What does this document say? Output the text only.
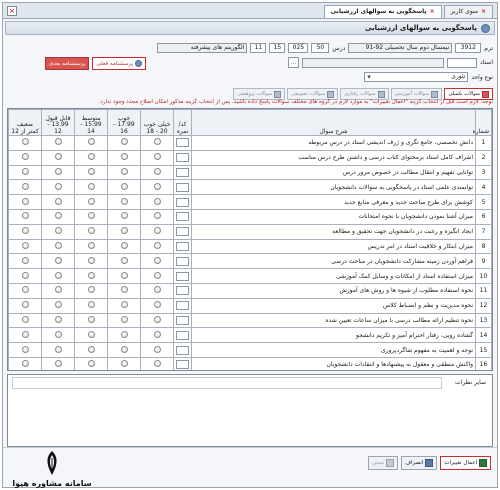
×
منوی کاربر
×
پاسخگویی به سوالهای ارزشیابی
×
پاسخگویی به سوالهای ارزشیابی
ترم
3912
نیمسال دوم سال تحصیلی 92-91
درس
50
025
15
11
الگوریتم های پیشرفته
استاد
…
نوع واحد
▾ تئوری
پرسشنامه فعلی
پرسشنامه بعدی
سوالات تکمیلی
سوالات آموزشی
سوالات رفتاری
سوالات تشویقی
سوالات پژوهشی
توجه: لازم است قبل از انتخاب گزینه "اعمال تغییرات" به موارد لازم در گروه های مختلف سوالات پاسخ داده باشید. پس از انتخاب گزینه مذکور امکان اصلاح مجدد وجود ندارد.
شماره	شرح سوال	کد/نمره	خیلی خوب 20 - 18	خوب 17.99 - 16	متوسط 15.99 - 14	قابل قبول 13.99 - 12	ضعیف کمتر از 12
1	دانش تخصصی، جامع نگری و ژرف اندیشی استاد در درس مربوطه	

2	اشراف کامل استاد برمحتوای کتاب درسی و داشتن طرح درس مناسب	

3	توانایی تفهیم و انتقال مطالب در خصوص مرور درس	

4	توانمندی علمی استاد در پاسخگویی به سوالات دانشجویان	

5	کوشش برای طرح مباحث جدید و معرفی منابع جدید	

6	میزان آشنا نمودن دانشجویان با نحوه امتحانات	

7	ایجاد انگیزه و رغبت در دانشجویان جهت تحقیق و مطالعه	

8	میزان ابتکار و خلاقیت استاد در امر تدریس	

9	فراهم آوردن زمینه مشارکت دانشجویان در مباحث درسی	

10	میزان استفاده استاد از امکانات و وسایل کمک آموزشی	

11	نحوه استفاده مطلوب از شیوه ها و روش های آموزش	

12	نحوه مدیریت و نظم و انضباط کلاس	

13	نحوه تنظیم ارائه مطالب درسی با میزان ساعات تعیین شده	

14	گشاده رویی، رفتار احترام آمیز و تکریم دانشجو	

15	توجه و اهمیت به مفهوم شاگردپروری	

16	واکنش منطقی و معقول به پیشنهادها و انتقادات دانشجویان	

سایر نظرات
سامانه مشاوره هیوا
اعمال تغییرات
انصراف
بستن
